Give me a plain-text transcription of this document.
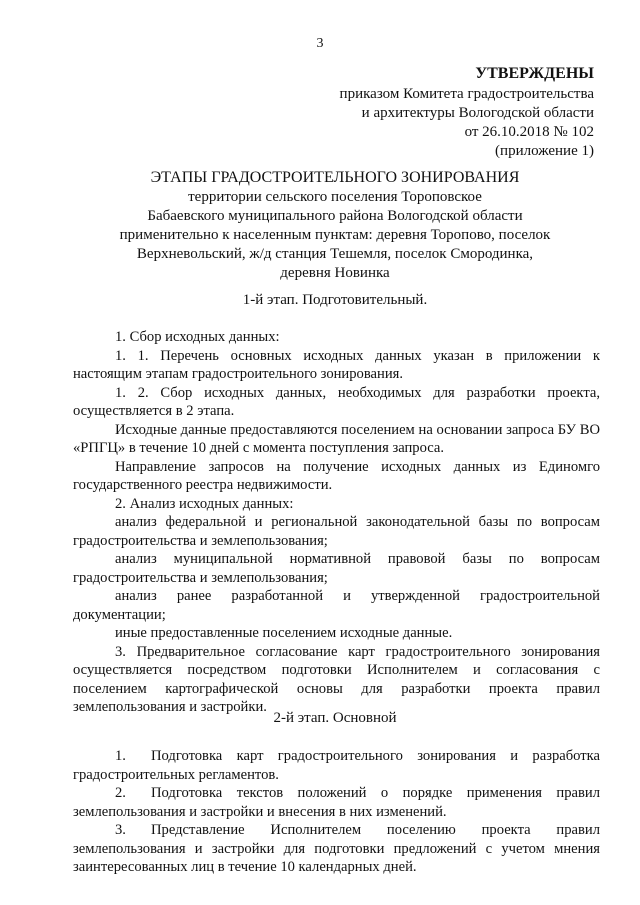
3
УТВЕРЖДЕНЫ
приказом Комитета градостроительства
и архитектуры Вологодской области
от 26.10.2018 № 102
(приложение 1)
ЭТАПЫ ГРАДОСТРОИТЕЛЬНОГО ЗОНИРОВАНИЯ
территории сельского поселения Тороповское
Бабаевского муниципального района Вологодской области
применительно к населенным пунктам: деревня Торопово, поселок
Верхневольский, ж/д станция Тешемля, поселок Смородинка,
деревня Новинка
1-й этап. Подготовительный.

1. Сбор исходных данных:

1. 1. Перечень основных исходных данных указан в приложении к настоящим этапам градостроительного зонирования.

1. 2. Сбор исходных данных, необходимых для разработки проекта, осуществляется в 2 этапа.

Исходные данные предоставляются поселением на основании запроса БУ ВО «РПГЦ» в течение 10 дней с момента поступления запроса.

Направление запросов на получение исходных данных из Единомго государственного реестра недвижимости.

2. Анализ исходных данных:

анализ федеральной и региональной законодательной базы по вопросам градостроительства и землепользования;

анализ муниципальной нормативной правовой базы по вопросам градостроительства и землепользования;

анализ ранее разработанной и утвержденной градостроительной документации;

иные предоставленные поселением исходные данные.

3. Предварительное согласование карт градостроительного зонирования осуществляется посредством подготовки Исполнителем и согласования с поселением картографической основы для разработки проекта правил землепользования и застройки.

2-й этап. Основной

1. Подготовка карт градостроительного зонирования и разработка градостроительных регламентов.

2. Подготовка текстов положений о порядке применения правил землепользования и застройки и внесения в них изменений.

3. Представление Исполнителем поселению проекта правил землепользования и застройки для подготовки предложений с учетом мнения заинтересованных лиц в течение 10 календарных дней.
